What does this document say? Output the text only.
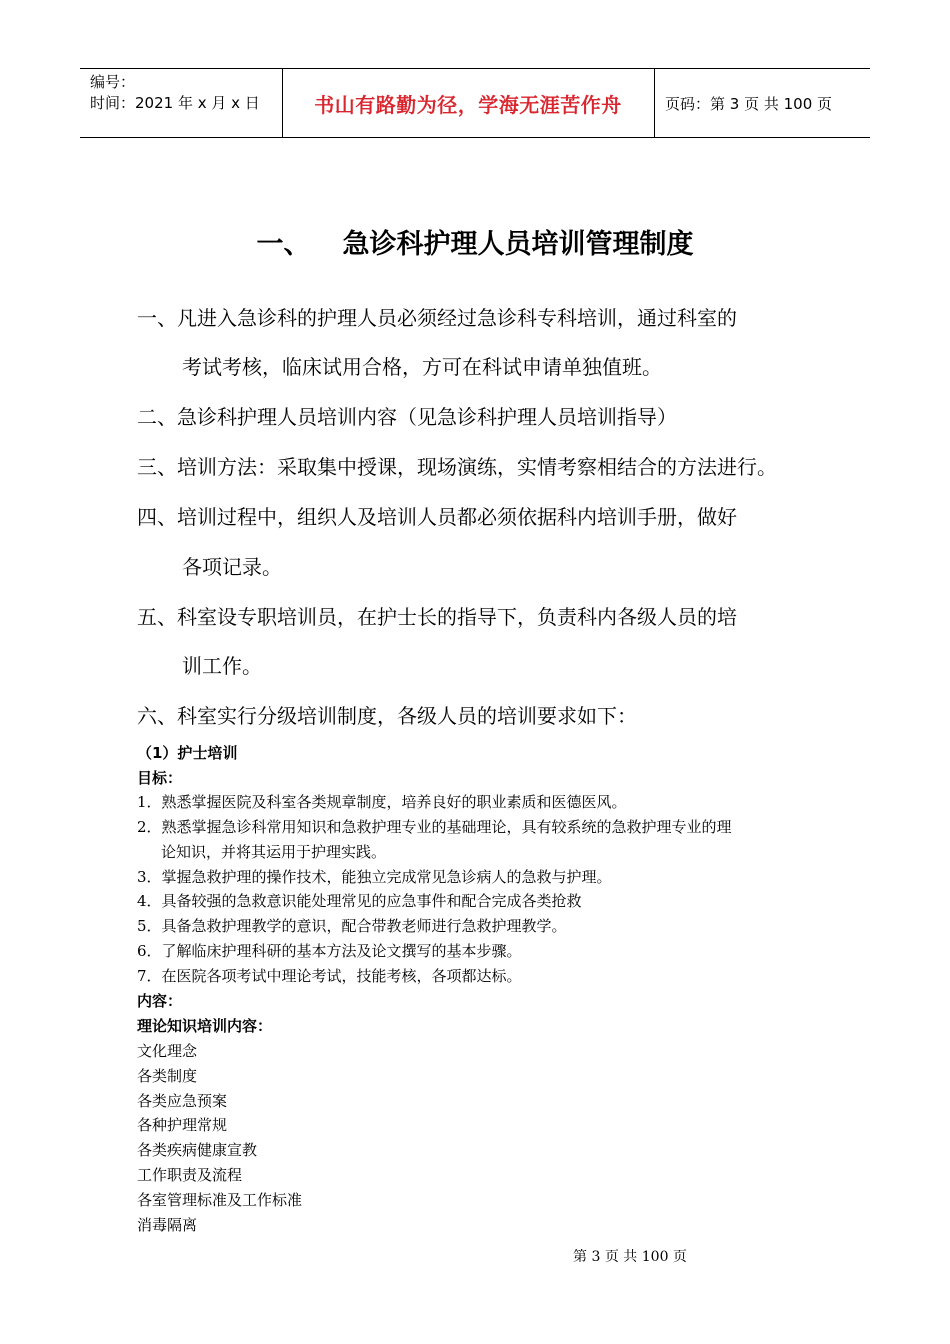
编号：
时间：2021 年 x 月 x 日	书山有路勤为径，学海无涯苦作舟	页码：第 3 页 共 100 页
一、 急诊科护理人员培训管理制度
一、凡进入急诊科的护理人员必须经过急诊科专科培训，通过科室的
考试考核，临床试用合格，方可在科试申请单独值班。
二、急诊科护理人员培训内容（见急诊科护理人员培训指导）
三、培训方法：采取集中授课，现场演练，实情考察相结合的方法进行。
四、培训过程中，组织人及培训人员都必须依据科内培训手册，做好
各项记录。
五、科室设专职培训员，在护士长的指导下，负责科内各级人员的培
训工作。
六、科室实行分级培训制度，各级人员的培训要求如下：
（1）护士培训
目标：
1．熟悉掌握医院及科室各类规章制度，培养良好的职业素质和医德医风。
2．熟悉掌握急诊科常用知识和急救护理专业的基础理论，具有较系统的急救护理专业的理
论知识，并将其运用于护理实践。
3．掌握急救护理的操作技术，能独立完成常见急诊病人的急救与护理。
4．具备较强的急救意识能处理常见的应急事件和配合完成各类抢救
5．具备急救护理教学的意识，配合带教老师进行急救护理教学。
6．了解临床护理科研的基本方法及论文撰写的基本步骤。
7．在医院各项考试中理论考试，技能考核，各项都达标。
内容：
理论知识培训内容：
文化理念
各类制度
各类应急预案
各种护理常规
各类疾病健康宣教
工作职责及流程
各室管理标准及工作标准
消毒隔离
第 3 页 共 100 页
